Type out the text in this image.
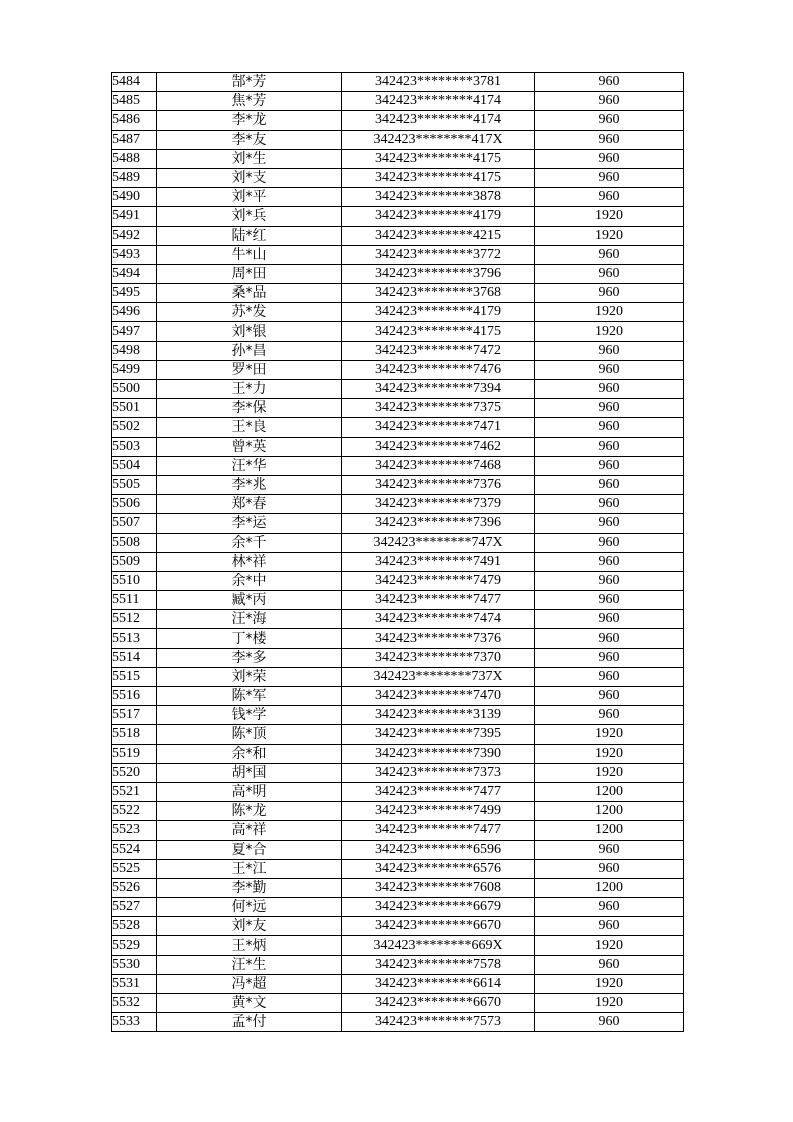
5484	郜*芳	342423********3781	960
5485	焦*芳	342423********4174	960
5486	李*龙	342423********4174	960
5487	李*友	342423********417X	960
5488	刘*生	342423********4175	960
5489	刘*支	342423********4175	960
5490	刘*平	342423********3878	960
5491	刘*兵	342423********4179	1920
5492	陆*红	342423********4215	1920
5493	牛*山	342423********3772	960
5494	周*田	342423********3796	960
5495	桑*品	342423********3768	960
5496	苏*发	342423********4179	1920
5497	刘*银	342423********4175	1920
5498	孙*昌	342423********7472	960
5499	罗*田	342423********7476	960
5500	王*力	342423********7394	960
5501	李*保	342423********7375	960
5502	王*良	342423********7471	960
5503	曾*英	342423********7462	960
5504	汪*华	342423********7468	960
5505	李*兆	342423********7376	960
5506	郑*春	342423********7379	960
5507	李*运	342423********7396	960
5508	余*千	342423********747X	960
5509	林*祥	342423********7491	960
5510	余*中	342423********7479	960
5511	臧*丙	342423********7477	960
5512	汪*海	342423********7474	960
5513	丁*楼	342423********7376	960
5514	李*多	342423********7370	960
5515	刘*荣	342423********737X	960
5516	陈*军	342423********7470	960
5517	钱*学	342423********3139	960
5518	陈*顶	342423********7395	1920
5519	余*和	342423********7390	1920
5520	胡*国	342423********7373	1920
5521	高*明	342423********7477	1200
5522	陈*龙	342423********7499	1200
5523	高*祥	342423********7477	1200
5524	夏*合	342423********6596	960
5525	王*江	342423********6576	960
5526	李*勤	342423********7608	1200
5527	何*远	342423********6679	960
5528	刘*友	342423********6670	960
5529	王*炳	342423********669X	1920
5530	汪*生	342423********7578	960
5531	冯*超	342423********6614	1920
5532	黄*文	342423********6670	1920
5533	孟*付	342423********7573	960
